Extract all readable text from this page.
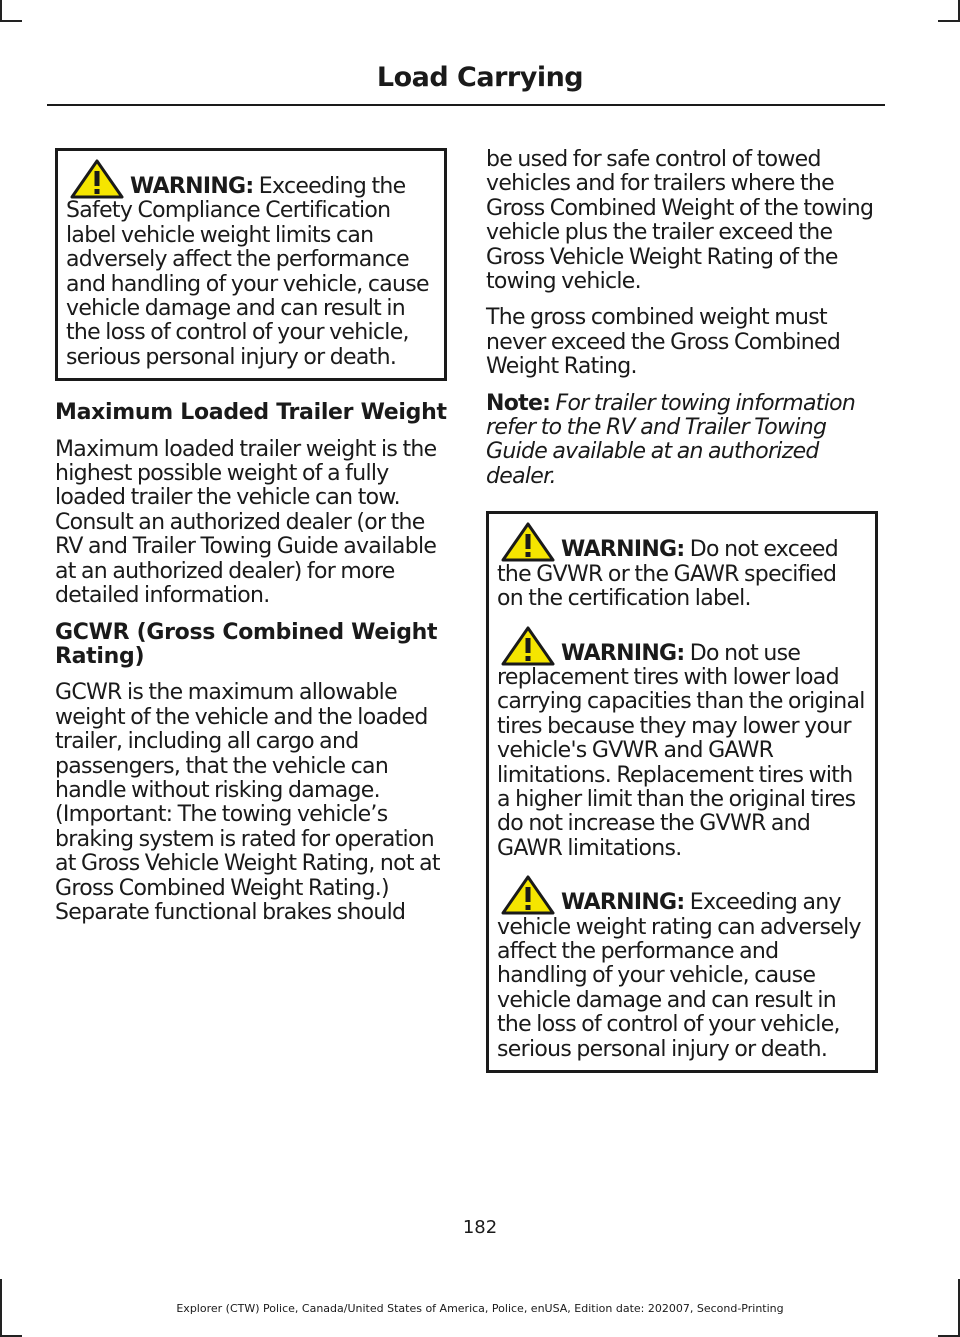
Load Carrying

WARNING: Exceeding the Safety Compliance Certification label vehicle weight limits can adversely affect the performance and handling of your vehicle, cause vehicle damage and can result in the loss of control of your vehicle, serious personal injury or death.

Maximum Loaded Trailer Weight

Maximum loaded trailer weight is the highest possible weight of a fully loaded trailer the vehicle can tow. Consult an authorized dealer (or the RV and Trailer Towing Guide available at an authorized dealer) for more detailed information.

GCWR (Gross Combined Weight Rating)

GCWR is the maximum allowable weight of the vehicle and the loaded trailer, including all cargo and passengers, that the vehicle can handle without risking damage. (Important: The towing vehicle’s braking system is rated for operation at Gross Vehicle Weight Rating, not at Gross Combined Weight Rating.) Separate functional brakes should

be used for safe control of towed vehicles and for trailers where the Gross Combined Weight of the towing vehicle plus the trailer exceed the Gross Vehicle Weight Rating of the towing vehicle.

The gross combined weight must never exceed the Gross Combined Weight Rating.

Note: For trailer towing information refer to the RV and Trailer Towing Guide available at an authorized dealer.

WARNING: Do not exceed the GVWR or the GAWR specified on the certification label.

WARNING: Do not use replacement tires with lower load carrying capacities than the original tires because they may lower your vehicle's GVWR and GAWR limitations. Replacement tires with a higher limit than the original tires do not increase the GVWR and GAWR limitations.

WARNING: Exceeding any vehicle weight rating can adversely affect the performance and handling of your vehicle, cause vehicle damage and can result in the loss of control of your vehicle, serious personal injury or death.

182
Explorer (CTW) Police, Canada/United States of America, Police, enUSA, Edition date: 202007, Second-Printing
